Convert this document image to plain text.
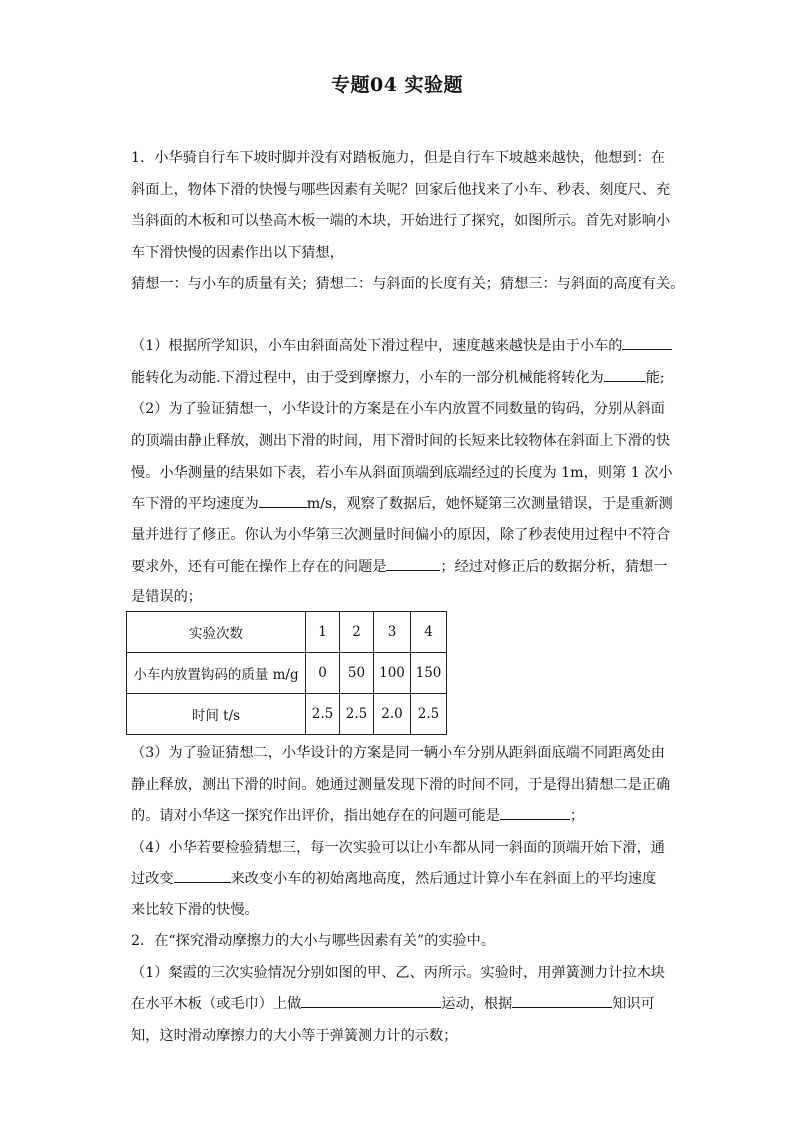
专题04 实验题
1．小华骑自行车下坡时脚并没有对踏板施力，但是自行车下坡越来越快，他想到：在
斜面上，物体下滑的快慢与哪些因素有关呢？回家后他找来了小车、秒表、刻度尺、充
当斜面的木板和可以垫高木板一端的木块，开始进行了探究，如图所示。首先对影响小
车下滑快慢的因素作出以下猜想，
猜想一：与小车的质量有关；猜想二：与斜面的长度有关；猜想三：与斜面的高度有关。
（1）根据所学知识，小车由斜面高处下滑过程中，速度越来越快是由于小车的
能转化为动能.下滑过程中，由于受到摩擦力，小车的一部分机械能将转化为	能;
（2）为了验证猜想一，小华设计的方案是在小车内放置不同数量的钩码，分别从斜面
的顶端由静止释放，测出下滑的时间，用下滑时间的长短来比较物体在斜面上下滑的快
慢。小华测量的结果如下表，若小车从斜面顶端到底端经过的长度为 1m，则第 1 次小
车下滑的平均速度为	m/s，观察了数据后，她怀疑第三次测量错误，于是重新测
量并进行了修正。你认为小华第三次测量时间偏小的原因，除了秒表使用过程中不符合
要求外，还有可能在操作上存在的问题是	；经过对修正后的数据分析，猜想一
是错误的；
实验次数	1	2	3	4
小车内放置钩码的质量 m/g	0	50	100	150
时间 t/s	2.5	2.5	2.0	2.5
（3）为了验证猜想二，小华设计的方案是同一辆小车分别从距斜面底端不同距离处由
静止释放，测出下滑的时间。她通过测量发现下滑的时间不同，于是得出猜想二是正确
的。请对小华这一探究作出评价，指出她存在的问题可能是	；
（4）小华若要检验猜想三，每一次实验可以让小车都从同一斜面的顶端开始下滑，通
过改变	来改变小车的初始离地高度，然后通过计算小车在斜面上的平均速度
来比较下滑的快慢。
2．在“探究滑动摩擦力的大小与哪些因素有关”的实验中。
（1）粲霞的三次实验情况分别如图的甲、乙、丙所示。实验时，用弹簧测力计拉木块
在水平木板（或毛巾）上做	运动，根据	知识可
知，这时滑动摩擦力的大小等于弹簧测力计的示数；
